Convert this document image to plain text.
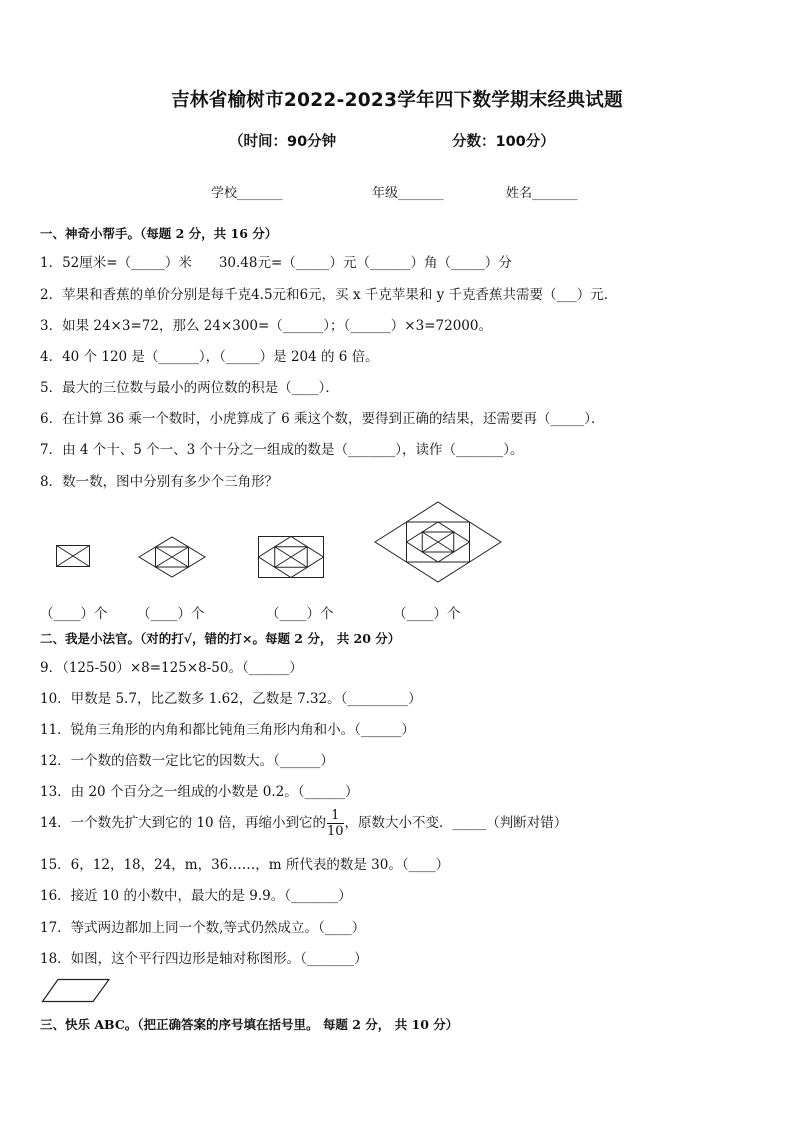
吉林省榆树市2022-2023学年四下数学期末经典试题
（时间：90分钟	分数：100分）
学校_______	年级_______	姓名_______
一、神奇小帮手。（每题 2 分，共 16 分）
1．52厘米=（_____）米　　30.48元=（_____）元（______）角（_____）分
2．苹果和香蕉的单价分别是每千克4.5元和6元，买 x 千克苹果和 y 千克香蕉共需要（___）元．
3．如果 24×3=72，那么 24×300=（______）；（______）×3=72000。
4．40 个 120 是（______），（_____）是 204 的 6 倍。
5．最大的三位数与最小的两位数的积是（____）．
6．在计算 36 乘一个数时，小虎算成了 6 乘这个数，要得到正确的结果，还需要再（_____）．
7．由 4 个十、5 个一、3 个十分之一组成的数是（_______），读作（_______）。
8．数一数，图中分别有多少个三角形？
（____）个 （____）个	（____）个	（____）个
二、我是小法官。（对的打√，错的打×。每题 2 分， 共 20 分）
9．（125-50）×8=125×8-50。（______）
10．甲数是 5.7，比乙数多 1.62，乙数是 7.32。（_________）
11．锐角三角形的内角和都比钝角三角形内角和小。（______）
12．一个数的倍数一定比它的因数大。（______）
13．由 20 个百分之一组成的小数是 0.2。（______）
14．一个数先扩大到它的 10 倍，再缩小到它的 $\frac{1}{10}$ ，原数大小不变．_____（判断对错）
15．6，12，18，24，m，36……，m 所代表的数是 30。（____）
16．接近 10 的小数中，最大的是 9.9。（_______）
17．等式两边都加上同一个数,等式仍然成立。（____）
18．如图，这个平行四边形是轴对称图形。（_______）
三、快乐 ABC。（把正确答案的序号填在括号里。 每题 2 分， 共 10 分）
